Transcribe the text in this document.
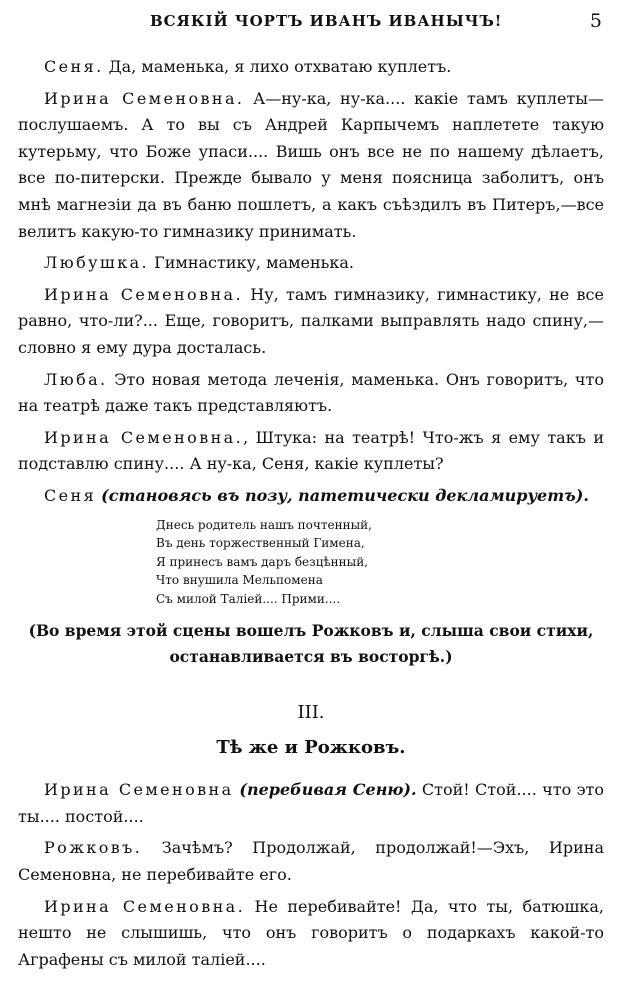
ВСЯКІЙ ЧОРТЪ ИВАНЪ ИВАНЫЧЪ!	5

Сеня. Да, маменька, я лихо отхватаю куплетъ.

Ирина Семеновна. А—ну-ка, ну-ка.... какіе тамъ куплеты—послушаемъ. А то вы съ Андрей Карпычемъ наплетете такую кутерьму, что Боже упаси.... Вишь онъ все не по нашему дѣлаетъ, все по-питерски. Прежде бывало у меня поясница заболитъ, онъ мнѣ магнезіи да въ баню пошлетъ, а какъ съѣздилъ въ Питеръ,—все велитъ какую-то гимназику принимать.

Любушка. Гимнастику, маменька.

Ирина Семеновна. Ну, тамъ гимназику, гимнастику, не все равно, что-ли?... Еще, говоритъ, палками выправлять надо спину,—словно я ему дура досталась.

Люба. Это новая метода леченія, маменька. Онъ говоритъ, что на театрѣ даже такъ представляютъ.

Ирина Семеновна., Штука: на театрѣ! Что-жъ я ему такъ и подставлю спину.... А ну-ка, Сеня, какіе куплеты?

Сеня (становясь въ позу, патетически декламируетъ).

Днесь родитель нашъ почтенный,
Въ день торжественный Гимена,
Я принесъ вамъ даръ безцѣнный,
Что внушила Мельпомена
Съ милой Таліей.... Прими....
(Во время этой сцены вошелъ Рожковъ и, слыша свои стихи,
останавливается въ восторгѣ.)
III.
Тѣ же и Рожковъ.

Ирина Семеновна (перебивая Сеню). Стой! Стой.... что это ты.... постой....

Рожковъ. Зачѣмъ? Продолжай, продолжай!—Эхъ, Ирина Семеновна, не перебивайте его.

Ирина Семеновна. Не перебивайте! Да, что ты, батюшка, нешто не слышишь, что онъ говоритъ о подаркахъ какой-то Аграфены съ милой таліей....
